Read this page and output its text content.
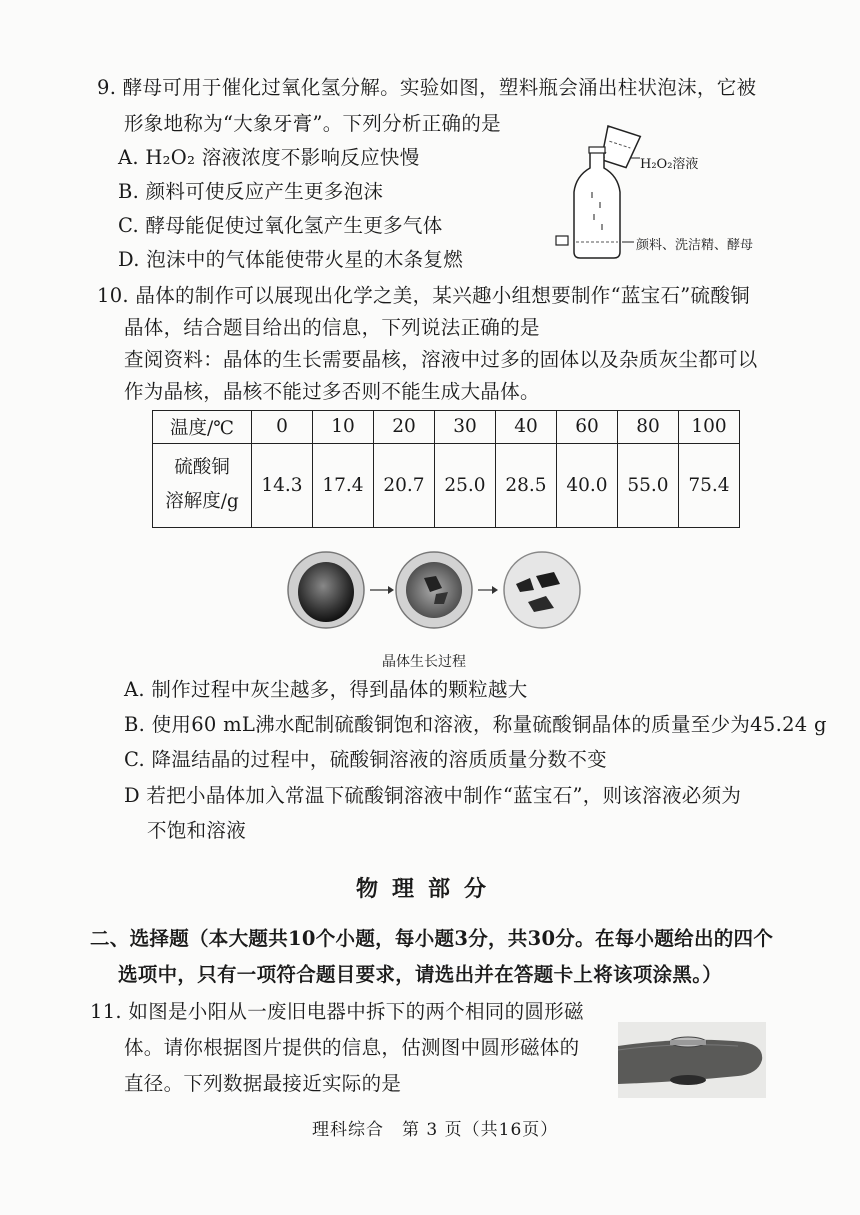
9. 酵母可用于催化过氧化氢分解。实验如图，塑料瓶会涌出柱状泡沫，它被
形象地称为“大象牙膏”。下列分析正确的是
A. H₂O₂ 溶液浓度不影响反应快慢
B. 颜料可使反应产生更多泡沫
C. 酵母能促使过氧化氢产生更多气体
D. 泡沫中的气体能使带火星的木条复燃
H₂O₂溶液
颜料、洗洁精、酵母
10. 晶体的制作可以展现出化学之美，某兴趣小组想要制作“蓝宝石”硫酸铜
晶体，结合题目给出的信息，下列说法正确的是
查阅资料：晶体的生长需要晶核，溶液中过多的固体以及杂质灰尘都可以
作为晶核，晶核不能过多否则不能生成大晶体。
温度/℃	0	10	20	30	40	60	80	100

硫酸铜
溶解度/g	14.3	17.4	20.7	25.0	28.5	40.0	55.0	75.4
晶体生长过程
A. 制作过程中灰尘越多，得到晶体的颗粒越大
B. 使用60 mL沸水配制硫酸铜饱和溶液，称量硫酸铜晶体的质量至少为45.24 g
C. 降温结晶的过程中，硫酸铜溶液的溶质质量分数不变
D 若把小晶体加入常温下硫酸铜溶液中制作“蓝宝石”，则该溶液必须为
不饱和溶液
物理部分
二、选择题（本大题共10个小题，每小题3分，共30分。在每小题给出的四个
选项中，只有一项符合题目要求，请选出并在答题卡上将该项涂黑。）
11. 如图是小阳从一废旧电器中拆下的两个相同的圆形磁
体。请你根据图片提供的信息，估测图中圆形磁体的
直径。下列数据最接近实际的是
理科综合　第 3 页（共16页）
